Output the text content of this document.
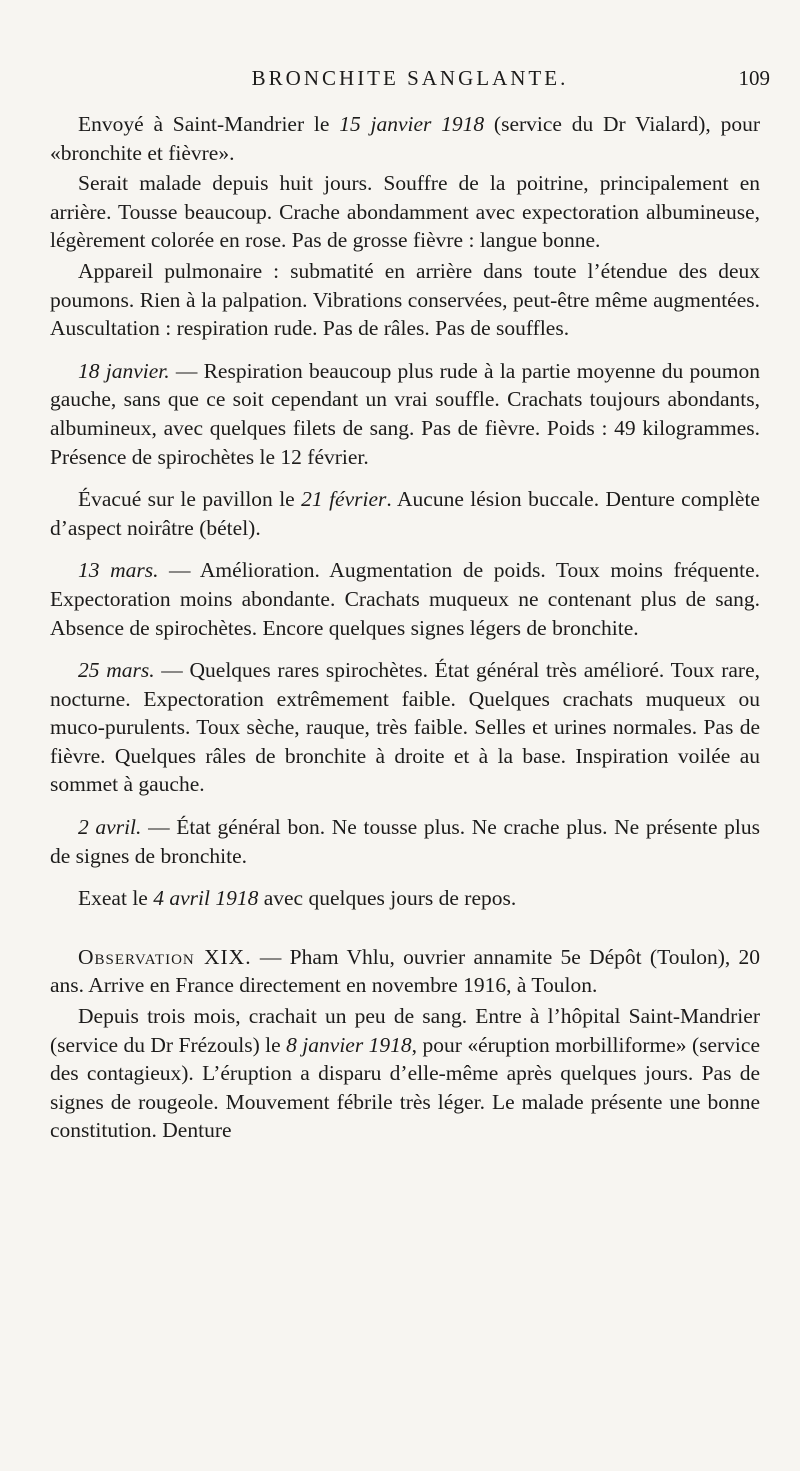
BRONCHITE SANGLANTE.	109

Envoyé à Saint-Mandrier le 15 janvier 1918 (service du Dr Vialard), pour «bronchite et fièvre».

Serait malade depuis huit jours. Souffre de la poitrine, principalement en arrière. Tousse beaucoup. Crache abondamment avec expectoration albumineuse, légèrement colorée en rose. Pas de grosse fièvre : langue bonne.

Appareil pulmonaire : submatité en arrière dans toute l’étendue des deux poumons. Rien à la palpation. Vibrations conservées, peut-être même augmentées. Auscultation : respiration rude. Pas de râles. Pas de souffles.

18 janvier. — Respiration beaucoup plus rude à la partie moyenne du poumon gauche, sans que ce soit cependant un vrai souffle. Crachats toujours abondants, albumineux, avec quelques filets de sang. Pas de fièvre. Poids : 49 kilogrammes. Présence de spirochètes le 12 février.

Évacué sur le pavillon le 21 février. Aucune lésion buccale. Denture complète d’aspect noirâtre (bétel).

13 mars. — Amélioration. Augmentation de poids. Toux moins fréquente. Expectoration moins abondante. Crachats muqueux ne contenant plus de sang. Absence de spirochètes. Encore quelques signes légers de bronchite.

25 mars. — Quelques rares spirochètes. État général très amélioré. Toux rare, nocturne. Expectoration extrêmement faible. Quelques crachats muqueux ou muco-purulents. Toux sèche, rauque, très faible. Selles et urines normales. Pas de fièvre. Quelques râles de bronchite à droite et à la base. Inspiration voilée au sommet à gauche.

2 avril. — État général bon. Ne tousse plus. Ne crache plus. Ne présente plus de signes de bronchite.

Exeat le 4 avril 1918 avec quelques jours de repos.

Observation XIX. — Pham Vhlu, ouvrier annamite 5e Dépôt (Toulon), 20 ans. Arrive en France directement en novembre 1916, à Toulon.

Depuis trois mois, crachait un peu de sang. Entre à l’hôpital Saint-Mandrier (service du Dr Frézouls) le 8 janvier 1918, pour «éruption morbilliforme» (service des contagieux). L’éruption a disparu d’elle-même après quelques jours. Pas de signes de rougeole. Mouvement fébrile très léger. Le malade présente une bonne constitution. Denture
